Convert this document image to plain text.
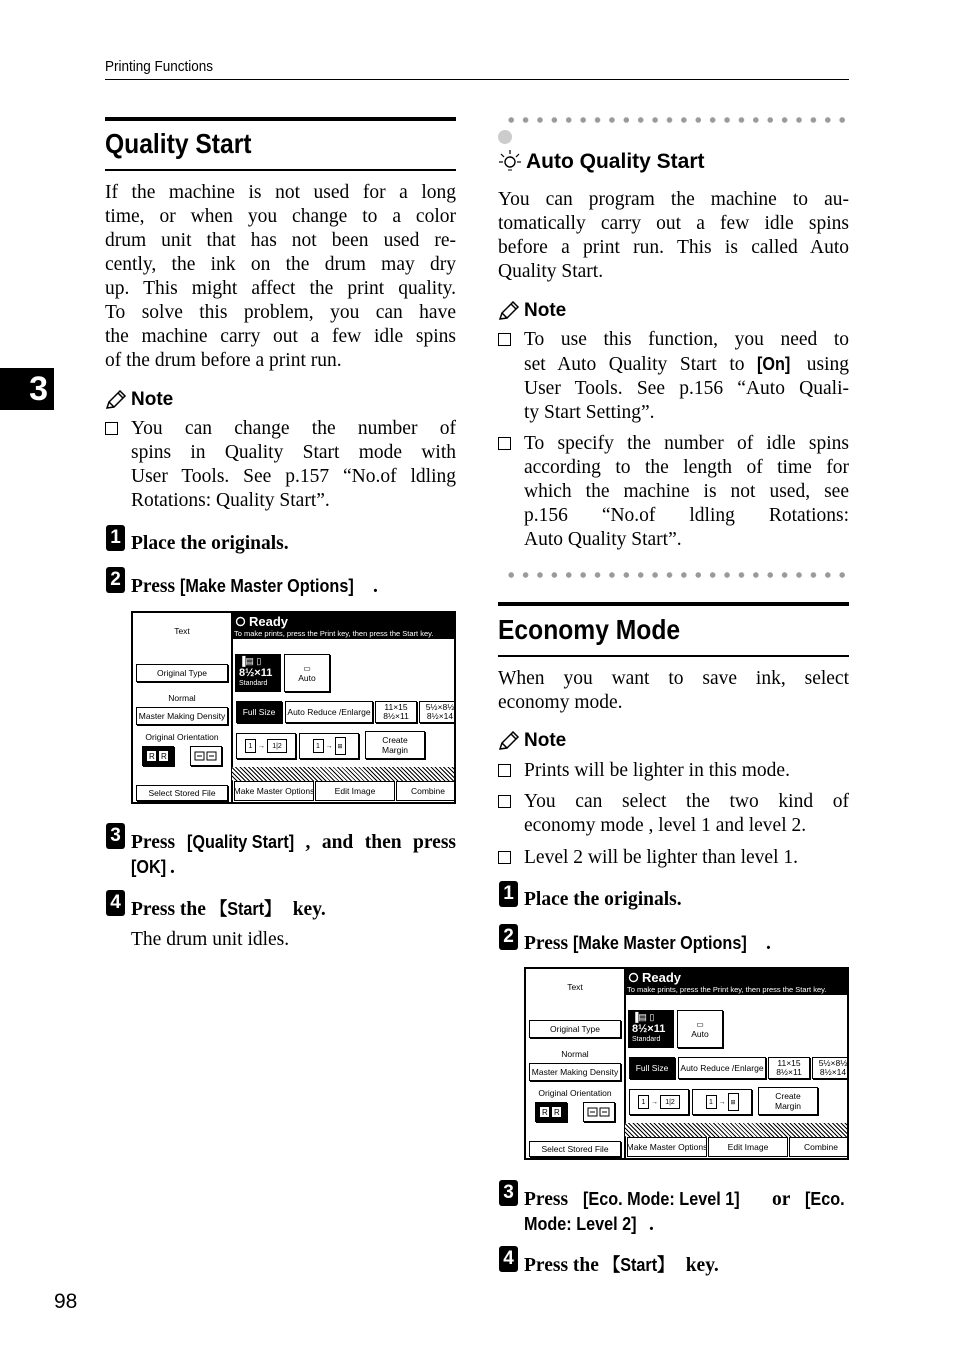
Printing Functions
3
98
Quality Start
If the machine is not used for a long
time, or when you change to a color
drum unit that has not been used re-
cently, the ink on the drum may dry
up. This might affect the print quality.
To solve this problem, you can have
the machine carry out a few idle spins
of the drum before a print run.
Note
You can change the number of
spins in Quality Start mode with
User Tools. See p.157 “No.of ldling
Rotations: Quality Start”.
1 Place the originals.
2 Press [Make Master Options] .
Text
Original Type
Normal
Master Making Density
Original Orientation
R R
Select Stored File
Ready
To make prints, press the Print key, then press the Start key.
▐▤ ▯
8½×11
Standard
▭
Auto
Full Size	Auto Reduce /Enlarge 11×15
8½×11
5½×8½
8½×14
1 →	1|2	1 → ⊞
Create
Margin
Make Master Options	Edit Image	Combine
3 Press [Quality Start] , and then press
[OK] .
4 Press the 【Start】 key.
The drum unit idles.
Auto Quality Start
You can program the machine to au-
tomatically carry out a few idle spins
before a print run. This is called Auto
Quality Start.
Note
To use this function, you need to
set Auto Quality Start to [On] using
User Tools. See p.156 “Auto Quali-
ty Start Setting”.
To specify the number of idle spins
according to the length of time for
which the machine is not used, see
p.156 “No.of ldling Rotations:
Auto Quality Start”.
Economy Mode
When you want to save ink, select
economy mode.
Note
Prints will be lighter in this mode.
You can select the two kind of
economy mode , level 1 and level 2.
Level 2 will be lighter than level 1.
1 Place the originals.
2 Press [Make Master Options] .
Text
Original Type
Normal
Master Making Density
Original Orientation
R R
Select Stored File
Ready
To make prints, press the Print key, then press the Start key.
▐▤ ▯
8½×11
Standard
▭
Auto
Full Size	Auto Reduce /Enlarge 11×15
8½×11
5½×8½
8½×14
1 →	1|2	1 → ⊞
Create
Margin
Make Master Options	Edit Image	Combine
3 Press [Eco. Mode: Level 1] or [Eco.
Mode: Level 2] .
4 Press the 【Start】 key.
